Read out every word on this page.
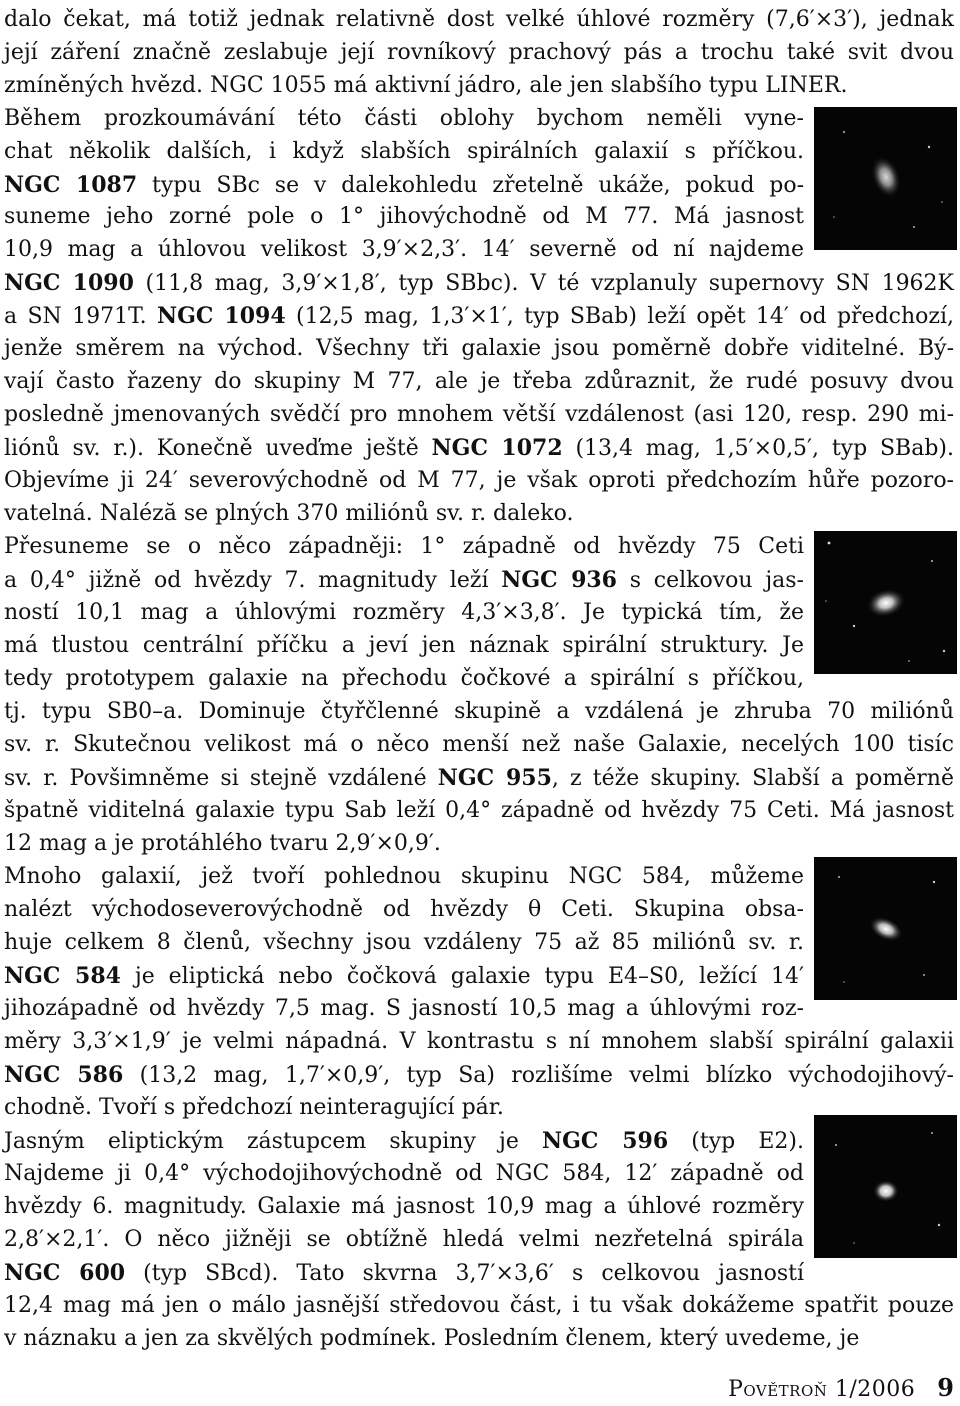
dalo čekat, má totiž jednak relativně dost velké úhlové rozměry (7,6′×3′), jednak
její záření značně zeslabuje její rovníkový prachový pás a trochu také svit dvou
zmíněných hvězd. NGC 1055 má aktivní jádro, ale jen slabšího typu LINER.
Během prozkoumávání této části oblohy bychom neměli vyne-
chat několik dalších, i když slabších spirálních galaxií s příčkou.
NGC 1087 typu SBc se v dalekohledu zřetelně ukáže, pokud po-
suneme jeho zorné pole o 1° jihovýchodně od M 77. Má jasnost
10,9 mag a úhlovou velikost 3,9′×2,3′. 14′ severně od ní najdeme
NGC 1090 (11,8 mag, 3,9′×1,8′, typ SBbc). V té vzplanuly supernovy SN 1962K
a SN 1971T. NGC 1094 (12,5 mag, 1,3′×1′, typ SBab) leží opět 14′ od předchozí,
jenže směrem na východ. Všechny tři galaxie jsou poměrně dobře viditelné. Bý-
vají často řazeny do skupiny M 77, ale je třeba zdůraznit, že rudé posuvy dvou
posledně jmenovaných svědčí pro mnohem větší vzdálenost (asi 120, resp. 290 mi-
liónů sv. r.). Konečně uveďme ještě NGC 1072 (13,4 mag, 1,5′×0,5′, typ SBab).
Objevíme ji 24′ severovýchodně od M 77, je však oproti předchozím hůře pozoro-
vatelná. Naléză se plných 370 miliónů sv. r. daleko.
Přesuneme se o něco západněji: 1° západně od hvězdy 75 Ceti
a 0,4° jižně od hvězdy 7. magnitudy leží NGC 936 s celkovou jas-
ností 10,1 mag a úhlovými rozměry 4,3′×3,8′. Je typická tím, že
má tlustou centrální příčku a jeví jen náznak spirální struktury. Je
tedy prototypem galaxie na přechodu čočkové a spirální s příčkou,
tj. typu SB0–a. Dominuje čtyřčlenné skupině a vzdálená je zhruba 70 miliónů
sv. r. Skutečnou velikost má o něco menší než naše Galaxie, necelých 100 tisíc
sv. r. Povšimněme si stejně vzdálené NGC 955, z téže skupiny. Slabší a poměrně
špatně viditelná galaxie typu Sab leží 0,4° západně od hvězdy 75 Ceti. Má jasnost
12 mag a je protáhlého tvaru 2,9′×0,9′.
Mnoho galaxií, jež tvoří pohlednou skupinu NGC 584, můžeme
nalézt východoseverovýchodně od hvězdy θ Ceti. Skupina obsa-
huje celkem 8 členů, všechny jsou vzdáleny 75 až 85 miliónů sv. r.
NGC 584 je eliptická nebo čočková galaxie typu E4–S0, ležící 14′
jihozápadně od hvězdy 7,5 mag. S jasností 10,5 mag a úhlovými roz-
měry 3,3′×1,9′ je velmi nápadná. V kontrastu s ní mnohem slabší spirální galaxii
NGC 586 (13,2 mag, 1,7′×0,9′, typ Sa) rozlišíme velmi blízko východojihový-
chodně. Tvoří s předchozí neinteragující pár.
Jasným eliptickým zástupcem skupiny je NGC 596 (typ E2).
Najdeme ji 0,4° východojihovýchodně od NGC 584, 12′ západně od
hvězdy 6. magnitudy. Galaxie má jasnost 10,9 mag a úhlové rozměry
2,8′×2,1′. O něco jižněji se obtížně hledá velmi nezřetelná spirála
NGC 600 (typ SBcd). Tato skvrna 3,7′×3,6′ s celkovou jasností
12,4 mag má jen o málo jasnější středovou část, i tu však dokážeme spatřit pouze
v náznaku a jen za skvělých podmínek. Posledním členem, který uvedeme, je
Povětroň 1/2006 9
